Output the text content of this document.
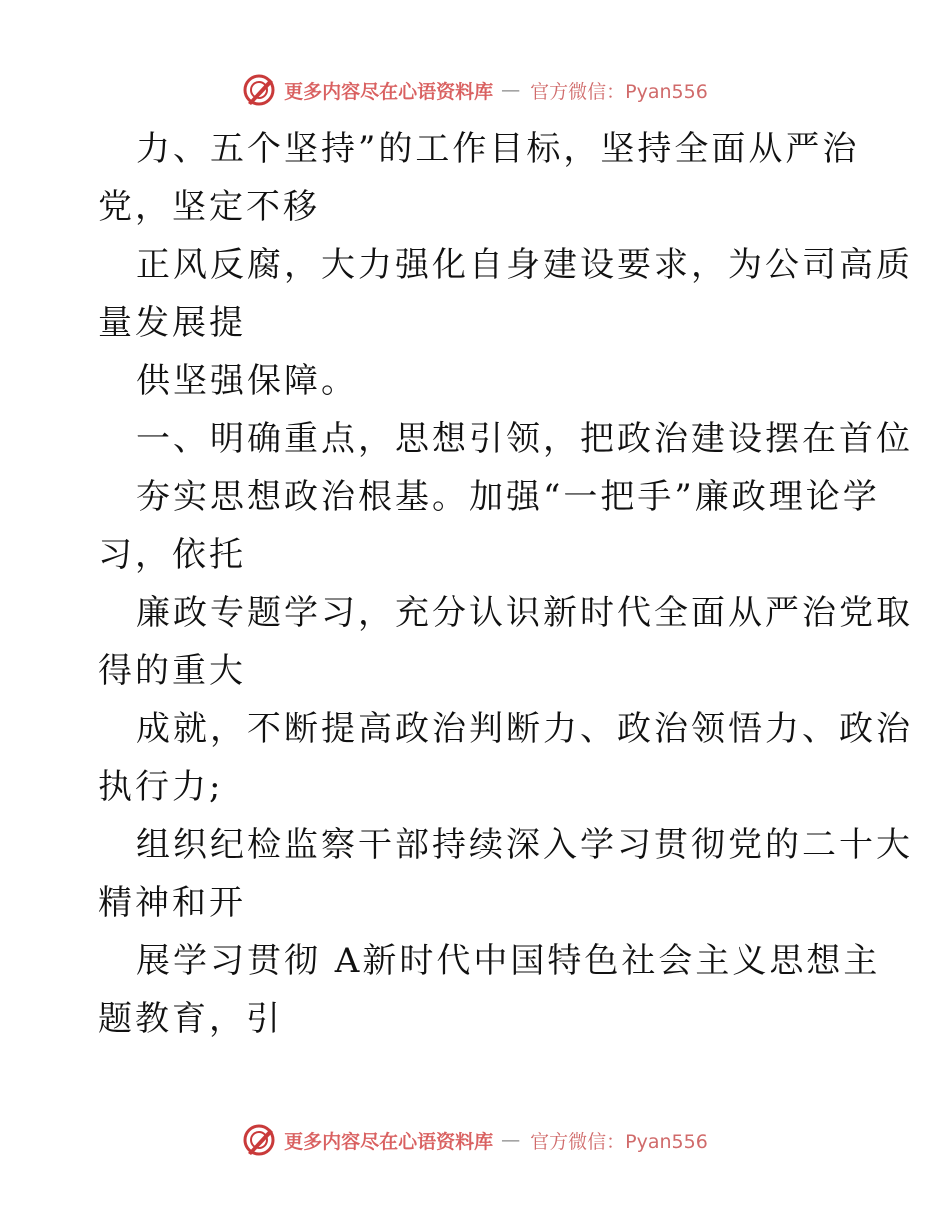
更多内容尽在心语资料库 — 官方微信：Pyan556
力、五个坚持”的工作目标，坚持全面从严治
党，坚定不移
正风反腐，大力强化自身建设要求，为公司高质
量发展提
供坚强保障。
一、明确重点，思想引领，把政治建设摆在首位
夯实思想政治根基。加强“一把手”廉政理论学
习，依托
廉政专题学习，充分认识新时代全面从严治党取
得的重大
成就，不断提高政治判断力、政治领悟力、政治
执行力;
组织纪检监察干部持续深入学习贯彻党的二十大
精神和开
展学习贯彻 A新时代中国特色社会主义思想主
题教育，引
更多内容尽在心语资料库 — 官方微信：Pyan556
